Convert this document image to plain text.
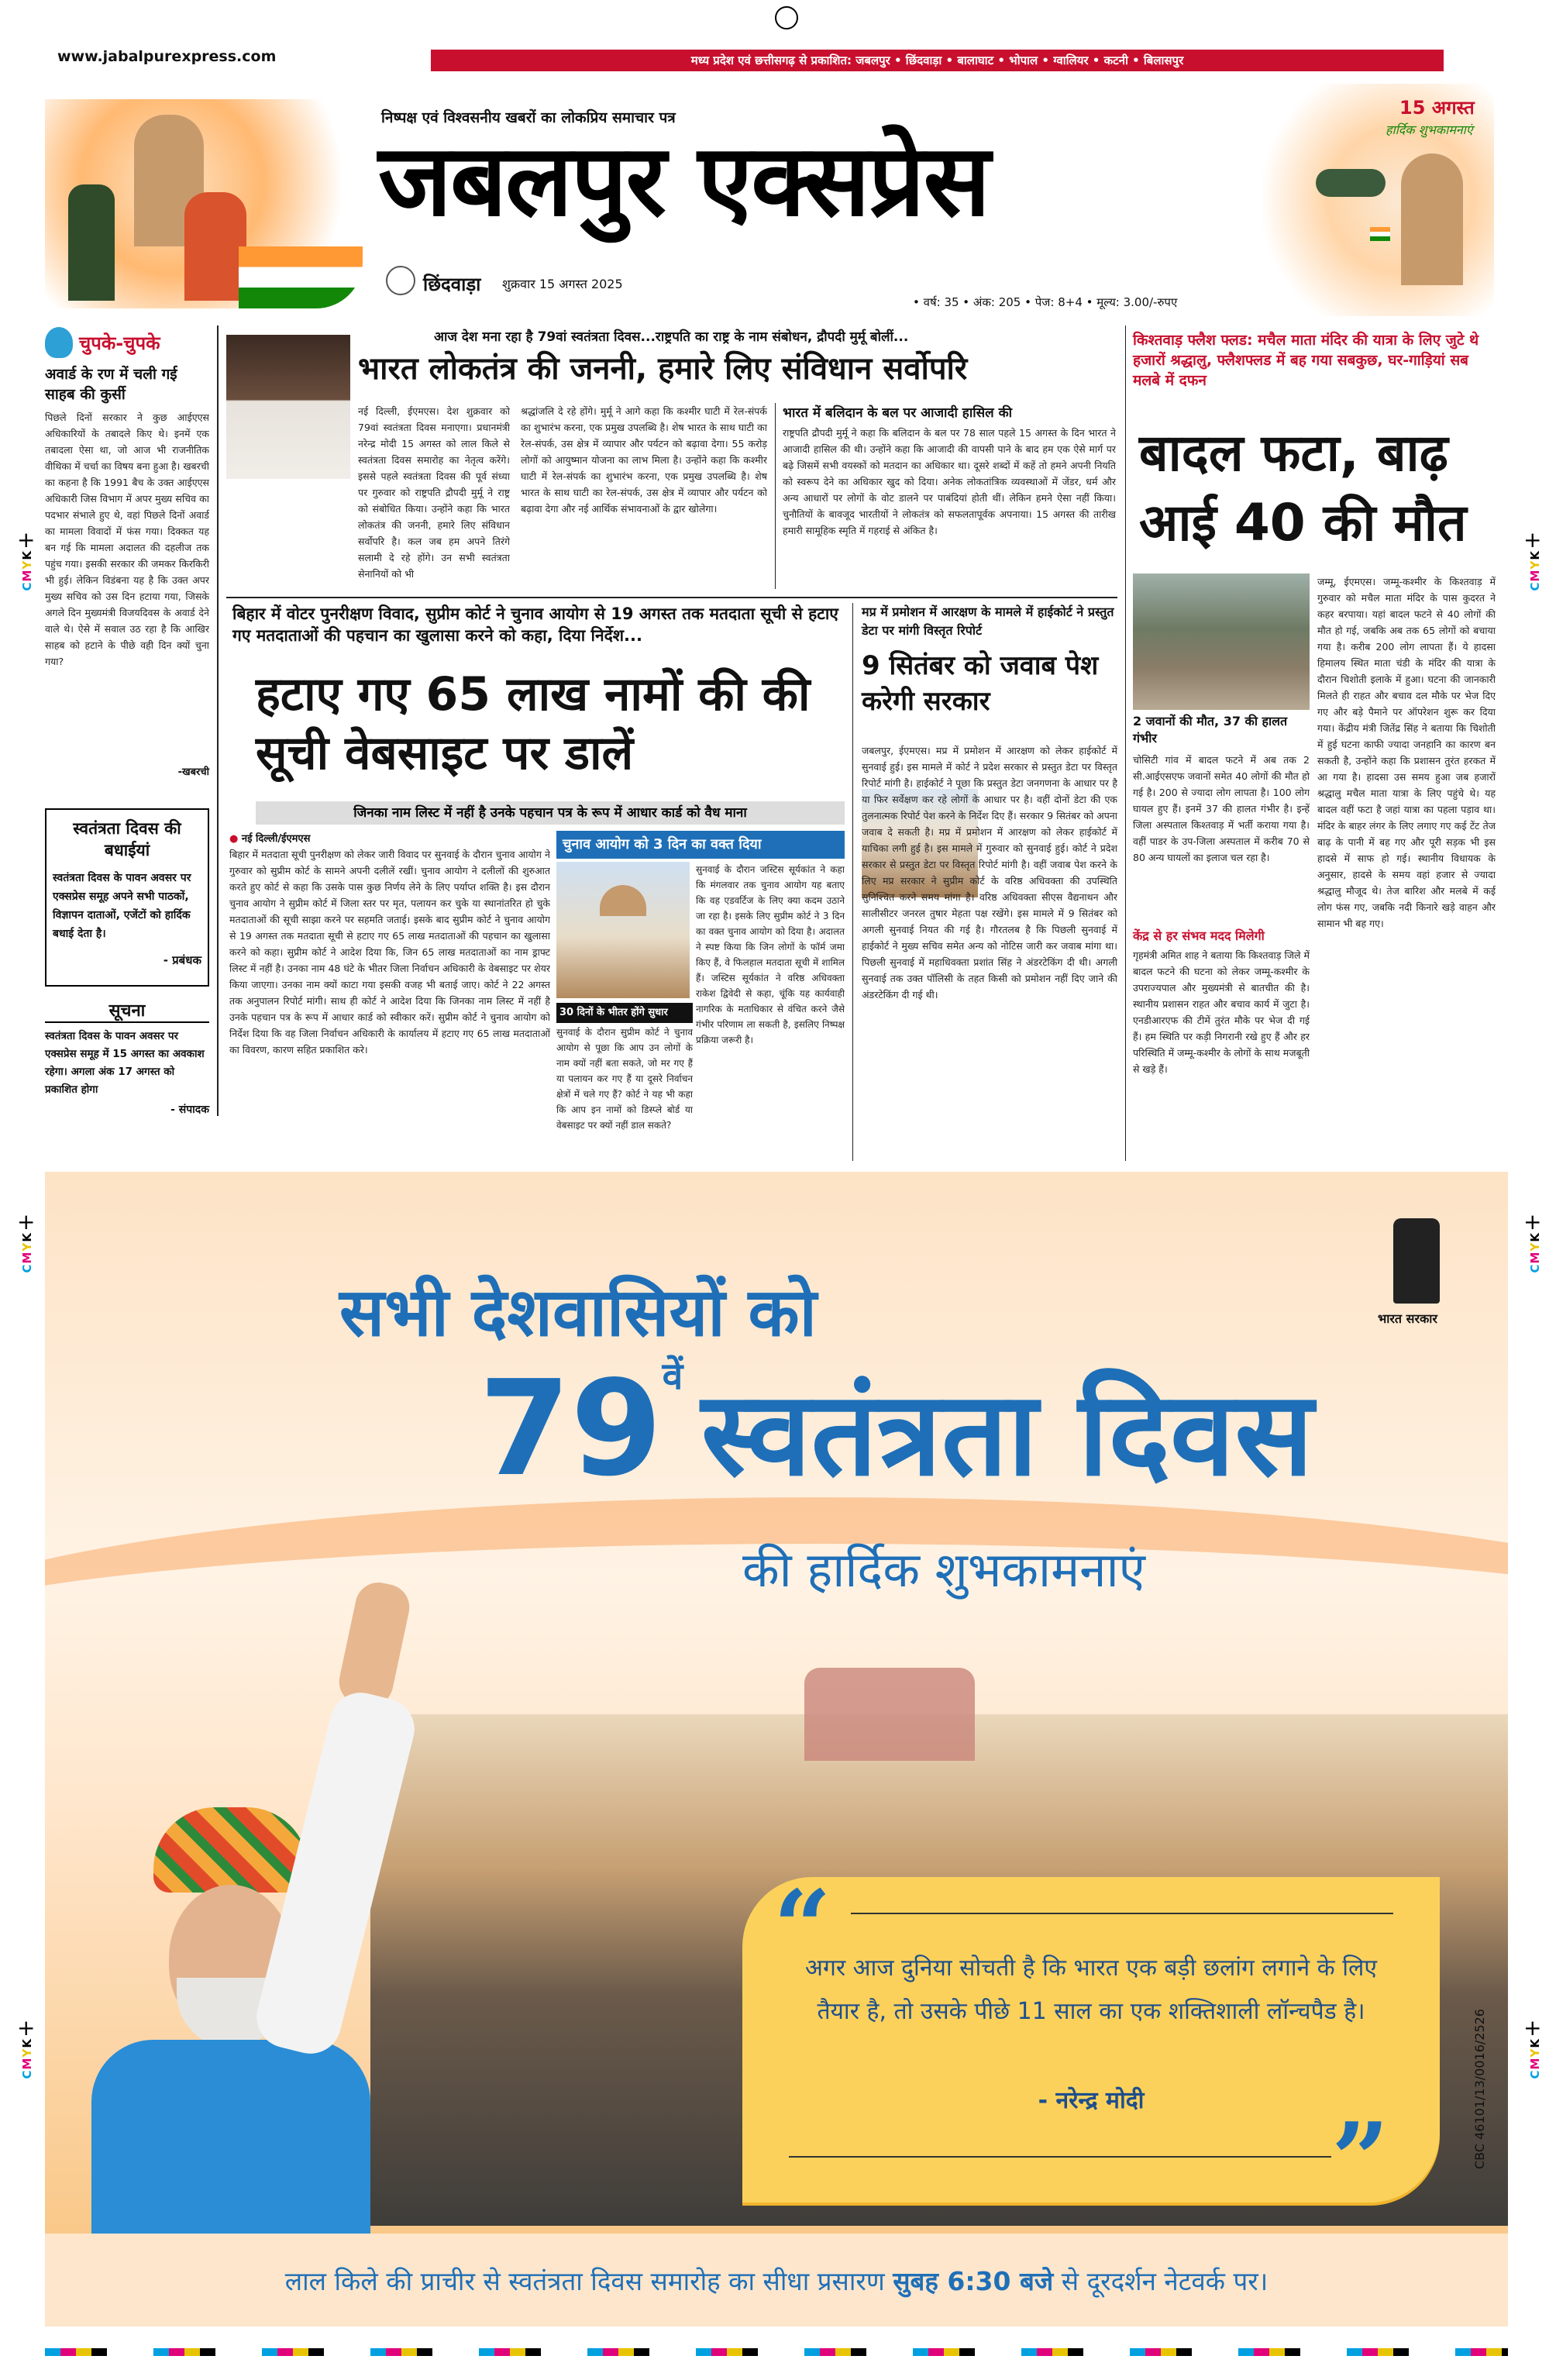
www.jabalpurexpress.com	मध्य प्रदेश एवं छत्तीसगढ़ से प्रकाशित: जबलपुर • छिंदवाड़ा • बालाघाट • भोपाल • ग्वालियर • कटनी • बिलासपुर
निष्पक्ष एवं विश्वसनीय खबरों का लोकप्रिय समाचार पत्र
जबलपुर एक्सप्रेस
छिंदवाड़ा शुक्रवार 15 अगस्त 2025
• वर्ष: 35 • अंक: 205 • पेज: 8+4 • मूल्य: 3.00/-रुपए
15 अगस्त
हार्दिक शुभकामनाएं
चुपके-चुपके
अवार्ड के रण में चली गई साहब की कुर्सी
पिछले दिनों सरकार ने कुछ आईएएस अधिकारियों के तबादले किए थे। इनमें एक तबादला ऐसा था, जो आज भी राजनीतिक वीथिका में चर्चा का विषय बना हुआ है। खबरची का कहना है कि 1991 बैच के उक्त आईएएस अधिकारी जिस विभाग में अपर मुख्य सचिव का पदभार संभाले हुए थे, वहां पिछले दिनों अवार्ड का मामला विवादों में फंस गया। दिक्कत यह बन गई कि मामला अदालत की दहलीज तक पहुंच गया। इसकी सरकार की जमकर किरकिरी भी हुई। लेकिन विडंबना यह है कि उक्त अपर मुख्य सचिव को उस दिन हटाया गया, जिसके अगले दिन मुख्यमंत्री विजयदिवस के अवार्ड देने वाले थे। ऐसे में सवाल उठ रहा है कि आखिर साहब को हटाने के पीछे वही दिन क्यों चुना गया?
-खबरची
स्वतंत्रता दिवस की बधाईयां
स्वतंत्रता दिवस के पावन अवसर पर एक्सप्रेस समूह अपने सभी पाठकों, विज्ञापन दाताओं, एजेंटों को हार्दिक बधाई देता है।
- प्रबंधक
सूचना
स्वतंत्रता दिवस के पावन अवसर पर एक्सप्रेस समूह में 15 अगस्त का अवकाश रहेगा। अगला अंक 17 अगस्त को प्रकाशित होगा
- संपादक
आज देश मना रहा है 79वां स्वतंत्रता दिवस...राष्ट्रपति का राष्ट्र के नाम संबोधन, द्रौपदी मुर्मू बोलीं...
भारत लोकतंत्र की जननी, हमारे लिए संविधान सर्वोपरि
नई दिल्ली, ईएमएस। देश शुक्रवार को 79वां स्वतंत्रता दिवस मनाएगा। प्रधानमंत्री नरेन्द्र मोदी 15 अगस्त को लाल किले से स्वतंत्रता दिवस समारोह का नेतृत्व करेंगे। इससे पहले स्वतंत्रता दिवस की पूर्व संध्या पर गुरुवार को राष्ट्रपति द्रौपदी मुर्मू ने राष्ट्र को संबोधित किया। उन्होंने कहा कि भारत लोकतंत्र की जननी, हमारे लिए संविधान सर्वोपरि है। कल जब हम अपने तिरंगे सलामी दे रहे होंगे। उन सभी स्वतंत्रता सेनानियों को भी
श्रद्धांजलि दे रहे होंगे। मुर्मू ने आगे कहा कि कश्मीर घाटी में रेल-संपर्क का शुभारंभ करना, एक प्रमुख उपलब्धि है। शेष भारत के साथ घाटी का रेल-संपर्क, उस क्षेत्र में व्यापार और पर्यटन को बढ़ावा देगा। 55 करोड़ लोगों को आयुष्मान योजना का लाभ मिला है। उन्होंने कहा कि कश्मीर घाटी में रेल-संपर्क का शुभारंभ करना, एक प्रमुख उपलब्धि है। शेष भारत के साथ घाटी का रेल-संपर्क, उस क्षेत्र में व्यापार और पर्यटन को बढ़ावा देगा और नई आर्थिक संभावनाओं के द्वार खोलेगा।
भारत में बलिदान के बल पर आजादी हासिल की
राष्ट्रपति द्रौपदी मुर्मू ने कहा कि बलिदान के बल पर 78 साल पहले 15 अगस्त के दिन भारत ने आजादी हासिल की थी। उन्होंने कहा कि आजादी की वापसी पाने के बाद हम एक ऐसे मार्ग पर बढ़े जिसमें सभी वयस्कों को मतदान का अधिकार था। दूसरे शब्दों में कहें तो हमने अपनी नियति को स्वरूप देने का अधिकार खुद को दिया। अनेक लोकतांत्रिक व्यवस्थाओं में जेंडर, धर्म और अन्य आधारों पर लोगों के वोट डालने पर पाबंदियां होती थीं। लेकिन हमने ऐसा नहीं किया। चुनौतियों के बावजूद भारतीयों ने लोकतंत्र को सफलतापूर्वक अपनाया। 15 अगस्त की तारीख हमारी सामूहिक स्मृति में गहराई से अंकित है।
बिहार में वोटर पुनरीक्षण विवाद, सुप्रीम कोर्ट ने चुनाव आयोग से 19 अगस्त तक मतदाता सूची से हटाए गए मतदाताओं की पहचान का खुलासा करने को कहा, दिया निर्देश...
हटाए गए 65 लाख नामों की की सूची वेबसाइट पर डालें
जिनका नाम लिस्ट में नहीं है उनके पहचान पत्र के रूप में आधार कार्ड को वैध माना
● नई दिल्ली/ईएमएस
बिहार में मतदाता सूची पुनरीक्षण को लेकर जारी विवाद पर सुनवाई के दौरान चुनाव आयोग ने गुरुवार को सुप्रीम कोर्ट के सामने अपनी दलीलें रखीं। चुनाव आयोग ने दलीलों की शुरुआत करते हुए कोर्ट से कहा कि उसके पास कुछ निर्णय लेने के लिए पर्याप्त शक्ति है। इस दौरान चुनाव आयोग ने सुप्रीम कोर्ट में जिला स्तर पर मृत, पलायन कर चुके या स्थानांतरित हो चुके मतदाताओं की सूची साझा करने पर सहमति जताई। इसके बाद सुप्रीम कोर्ट ने चुनाव आयोग से 19 अगस्त तक मतदाता सूची से हटाए गए 65 लाख मतदाताओं की पहचान का खुलासा करने को कहा। सुप्रीम कोर्ट ने आदेश दिया कि, जिन 65 लाख मतदाताओं का नाम ड्राफ्ट लिस्ट में नहीं है। उनका नाम 48 घंटे के भीतर जिला निर्वाचन अधिकारी के वेबसाइट पर शेयर किया जाएगा। उनका नाम क्यों काटा गया इसकी वजह भी बताई जाए। कोर्ट ने 22 अगस्त तक अनुपालन रिपोर्ट मांगी। साथ ही कोर्ट ने आदेश दिया कि जिनका नाम लिस्ट में नहीं है उनके पहचान पत्र के रूप में आधार कार्ड को स्वीकार करें। सुप्रीम कोर्ट ने चुनाव आयोग को निर्देश दिया कि वह जिला निर्वाचन अधिकारी के कार्यालय में हटाए गए 65 लाख मतदाताओं का विवरण, कारण सहित प्रकाशित करे।
चुनाव आयोग को 3 दिन का वक्त दिया
सुनवाई के दौरान जस्टिस सूर्यकांत ने कहा कि मंगलवार तक चुनाव आयोग यह बताए कि वह एडवर्टिज के लिए क्या कदम उठाने जा रहा है। इसके लिए सुप्रीम कोर्ट ने 3 दिन का वक्त चुनाव आयोग को दिया है। अदालत ने स्पष्ट किया कि जिन लोगों के फॉर्म जमा किए हैं, वे फिलहाल मतदाता सूची में शामिल हैं। जस्टिस सूर्यकांत ने वरिष्ठ अधिवक्ता राकेश द्विवेदी से कहा, चूंकि यह कार्यवाही नागरिक के मताधिकार से वंचित करने जैसे गंभीर परिणाम ला सकती है, इसलिए निष्पक्ष प्रक्रिया जरूरी है।
30 दिनों के भीतर होंगे सुधार
सुनवाई के दौरान सुप्रीम कोर्ट ने चुनाव आयोग से पूछा कि आप उन लोगों के नाम क्यों नहीं बता सकते, जो मर गए हैं या पलायन कर गए हैं या दूसरे निर्वाचन क्षेत्रों में चले गए हैं? कोर्ट ने यह भी कहा कि आप इन नामों को डिस्प्ले बोर्ड या वेबसाइट पर क्यों नहीं डाल सकते?
मप्र में प्रमोशन में आरक्षण के मामले में हाईकोर्ट ने प्रस्तुत डेटा पर मांगी विस्तृत रिपोर्ट
9 सितंबर को जवाब पेश करेगी सरकार
जबलपुर, ईएमएस। मप्र में प्रमोशन में आरक्षण को लेकर हाईकोर्ट में सुनवाई हुई। इस मामले में कोर्ट ने प्रदेश सरकार से प्रस्तुत डेटा पर विस्तृत रिपोर्ट मांगी है। हाईकोर्ट ने पूछा कि प्रस्तुत डेटा जनगणना के आधार पर है या फिर सर्वेक्षण कर रहे लोगों के आधार पर है। वहीं दोनों डेटा की एक तुलनात्मक रिपोर्ट पेश करने के निर्देश दिए हैं। सरकार 9 सितंबर को अपना जवाब दे सकती है। मप्र में प्रमोशन में आरक्षण को लेकर हाईकोर्ट में याचिका लगी हुई है। इस मामले में गुरुवार को सुनवाई हुई। कोर्ट ने प्रदेश सरकार से प्रस्तुत डेटा पर विस्तृत रिपोर्ट मांगी है। वहीं जवाब पेश करने के लिए मप्र सरकार ने सुप्रीम कोर्ट के वरिष्ठ अधिवक्ता की उपस्थिति सुनिश्चित करने समय मांगा है। वरिष्ठ अधिवक्ता सीएस वैद्यनाथन और सालीसीटर जनरल तुषार मेहता पक्ष रखेंगे। इस मामले में 9 सितंबर को अगली सुनवाई नियत की गई है। गौरतलब है कि पिछली सुनवाई में हाईकोर्ट ने मुख्य सचिव समेत अन्य को नोटिस जारी कर जवाब मांगा था। पिछली सुनवाई में महाधिवक्ता प्रशांत सिंह ने अंडरटेकिंग दी थी। अगली सुनवाई तक उक्त पॉलिसी के तहत किसी को प्रमोशन नहीं दिए जाने की अंडरटेकिंग दी गई थी।
किश्तवाड़ फ्लैश फ्लड: मचैल माता मंदिर की यात्रा के लिए जुटे थे हजारों श्रद्धालु, फ्लैशफ्लड में बह गया सबकुछ, घर-गाड़ियां सब मलबे में दफन
बादल फटा, बाढ़ आई 40 की मौत
जम्मू, ईएमएस। जम्मू-कश्मीर के किश्तवाड़ में गुरुवार को मचैल माता मंदिर के पास कुदरत ने कहर बरपाया। यहां बादल फटने से 40 लोगों की मौत हो गई, जबकि अब तक 65 लोगों को बचाया गया है। करीब 200 लोग लापता हैं। ये हादसा हिमालय स्थित माता चंडी के मंदिर की यात्रा के दौरान चिशोती इलाके में हुआ। घटना की जानकारी मिलते ही राहत और बचाव दल मौके पर भेज दिए गए और बड़े पैमाने पर ऑपरेशन शुरू कर दिया गया। केंद्रीय मंत्री जितेंद्र सिंह ने बताया कि चिशोती में हुई घटना काफी ज्यादा जनहानि का कारण बन सकती है, उन्होंने कहा कि प्रशासन तुरंत हरकत में आ गया है। हादसा उस समय हुआ जब हजारों श्रद्धालु मचैल माता यात्रा के लिए पहुंचे थे। यह बादल वहीं फटा है जहां यात्रा का पहला पड़ाव था। मंदिर के बाहर लंगर के लिए लगाए गए कई टेंट तेज बाढ़ के पानी में बह गए और पूरी सड़क भी इस हादसे में साफ हो गई। स्थानीय विधायक के अनुसार, हादसे के समय वहां हजार से ज्यादा श्रद्धालु मौजूद थे। तेज बारिश और मलबे में कई लोग फंस गए, जबकि नदी किनारे खड़े वाहन और सामान भी बह गए।
2 जवानों की मौत, 37 की हालत गंभीर
चोसिटी गांव में बादल फटने में अब तक 2 सी.आईएसएफ जवानों समेत 40 लोगों की मौत हो गई है। 200 से ज्यादा लोग लापता है। 100 लोग घायल हुए हैं। इनमें 37 की हालत गंभीर है। इन्हें जिला अस्पताल किश्तवाड़ में भर्ती कराया गया है। वहीं पाडर के उप-जिला अस्पताल में करीब 70 से 80 अन्य घायलों का इलाज चल रहा है।
केंद्र से हर संभव मदद मिलेगी
गृहमंत्री अमित शाह ने बताया कि किश्तवाड़ जिले में बादल फटने की घटना को लेकर जम्मू-कश्मीर के उपराज्यपाल और मुख्यमंत्री से बातचीत की है। स्थानीय प्रशासन राहत और बचाव कार्य में जुटा है। एनडीआरएफ की टीमें तुरंत मौके पर भेज दी गई हैं। हम स्थिति पर कड़ी निगरानी रखे हुए हैं और हर परिस्थिति में जम्मू-कश्मीर के लोगों के साथ मजबूती से खड़े हैं।
सभी देशवासियों को
$79^{वें}$ स्वतंत्रता दिवस
की हार्दिक शुभकामनाएं
भारत सरकार
“
अगर आज दुनिया सोचती है कि भारत एक बड़ी छलांग लगाने के लिए तैयार है, तो उसके पीछे 11 साल का एक शक्तिशाली लॉन्चपैड है।
- नरेन्द्र मोदी	”	CBC 46101/13/0016/2526
लाल किले की प्राचीर से स्वतंत्रता दिवस समारोह का सीधा प्रसारण
सुबह 6:30 बजे
से दूरदर्शन नेटवर्क पर।
+
CMYK
+
CMYK
+
CMYK
+
CMYK
+
CMYK
+
CMYK
